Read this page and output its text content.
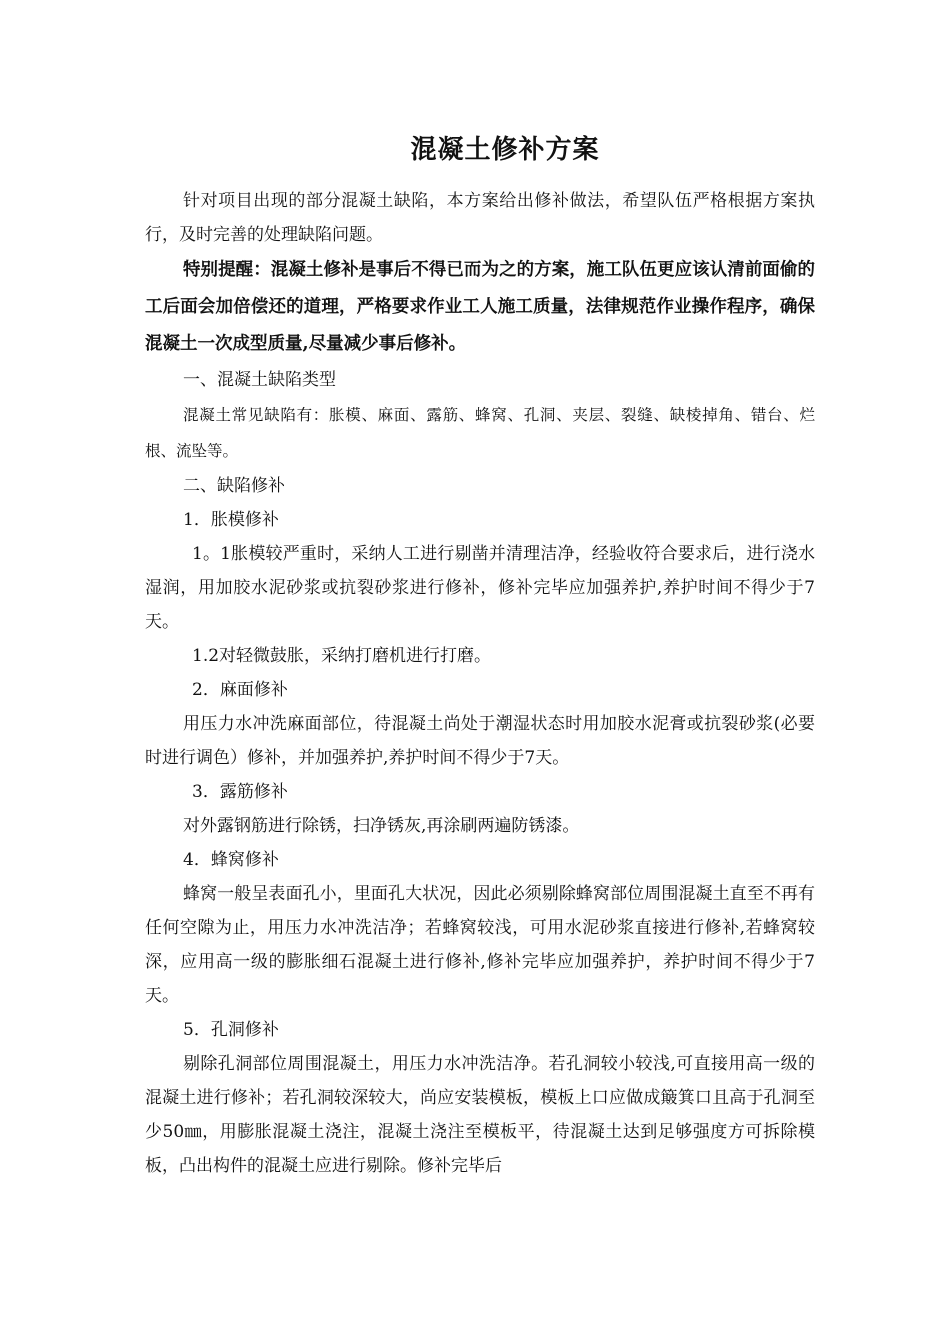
混凝土修补方案

针对项目出现的部分混凝土缺陷，本方案给出修补做法，希望队伍严格根据方案执行，及时完善的处理缺陷问题。

特别提醒：混凝土修补是事后不得已而为之的方案，施工队伍更应该认清前面偷的工后面会加倍偿还的道理，严格要求作业工人施工质量，法律规范作业操作程序，确保混凝土一次成型质量,尽量减少事后修补。

一、混凝土缺陷类型

混凝土常见缺陷有：胀模、麻面、露筋、蜂窝、孔洞、夹层、裂缝、缺棱掉角、错台、烂根、流坠等。

二、缺陷修补

1．胀模修补

1。1胀模较严重时，采纳人工进行剔凿并清理洁净，经验收符合要求后，进行浇水湿润，用加胶水泥砂浆或抗裂砂浆进行修补，修补完毕应加强养护,养护时间不得少于7天。

1.2对轻微鼓胀，采纳打磨机进行打磨。

2．麻面修补

用压力水冲洗麻面部位，待混凝土尚处于潮湿状态时用加胶水泥膏或抗裂砂浆(必要时进行调色）修补，并加强养护,养护时间不得少于7天。

3．露筋修补

对外露钢筋进行除锈，扫净锈灰,再涂刷两遍防锈漆。

4．蜂窝修补

蜂窝一般呈表面孔小，里面孔大状况，因此必须剔除蜂窝部位周围混凝土直至不再有任何空隙为止，用压力水冲洗洁净；若蜂窝较浅，可用水泥砂浆直接进行修补,若蜂窝较深，应用高一级的膨胀细石混凝土进行修补,修补完毕应加强养护，养护时间不得少于7天。

5．孔洞修补

剔除孔洞部位周围混凝土，用压力水冲洗洁净。若孔洞较小较浅,可直接用高一级的混凝土进行修补；若孔洞较深较大，尚应安装模板，模板上口应做成簸箕口且高于孔洞至少50㎜，用膨胀混凝土浇注，混凝土浇注至模板平，待混凝土达到足够强度方可拆除模板，凸出构件的混凝土应进行剔除。修补完毕后
